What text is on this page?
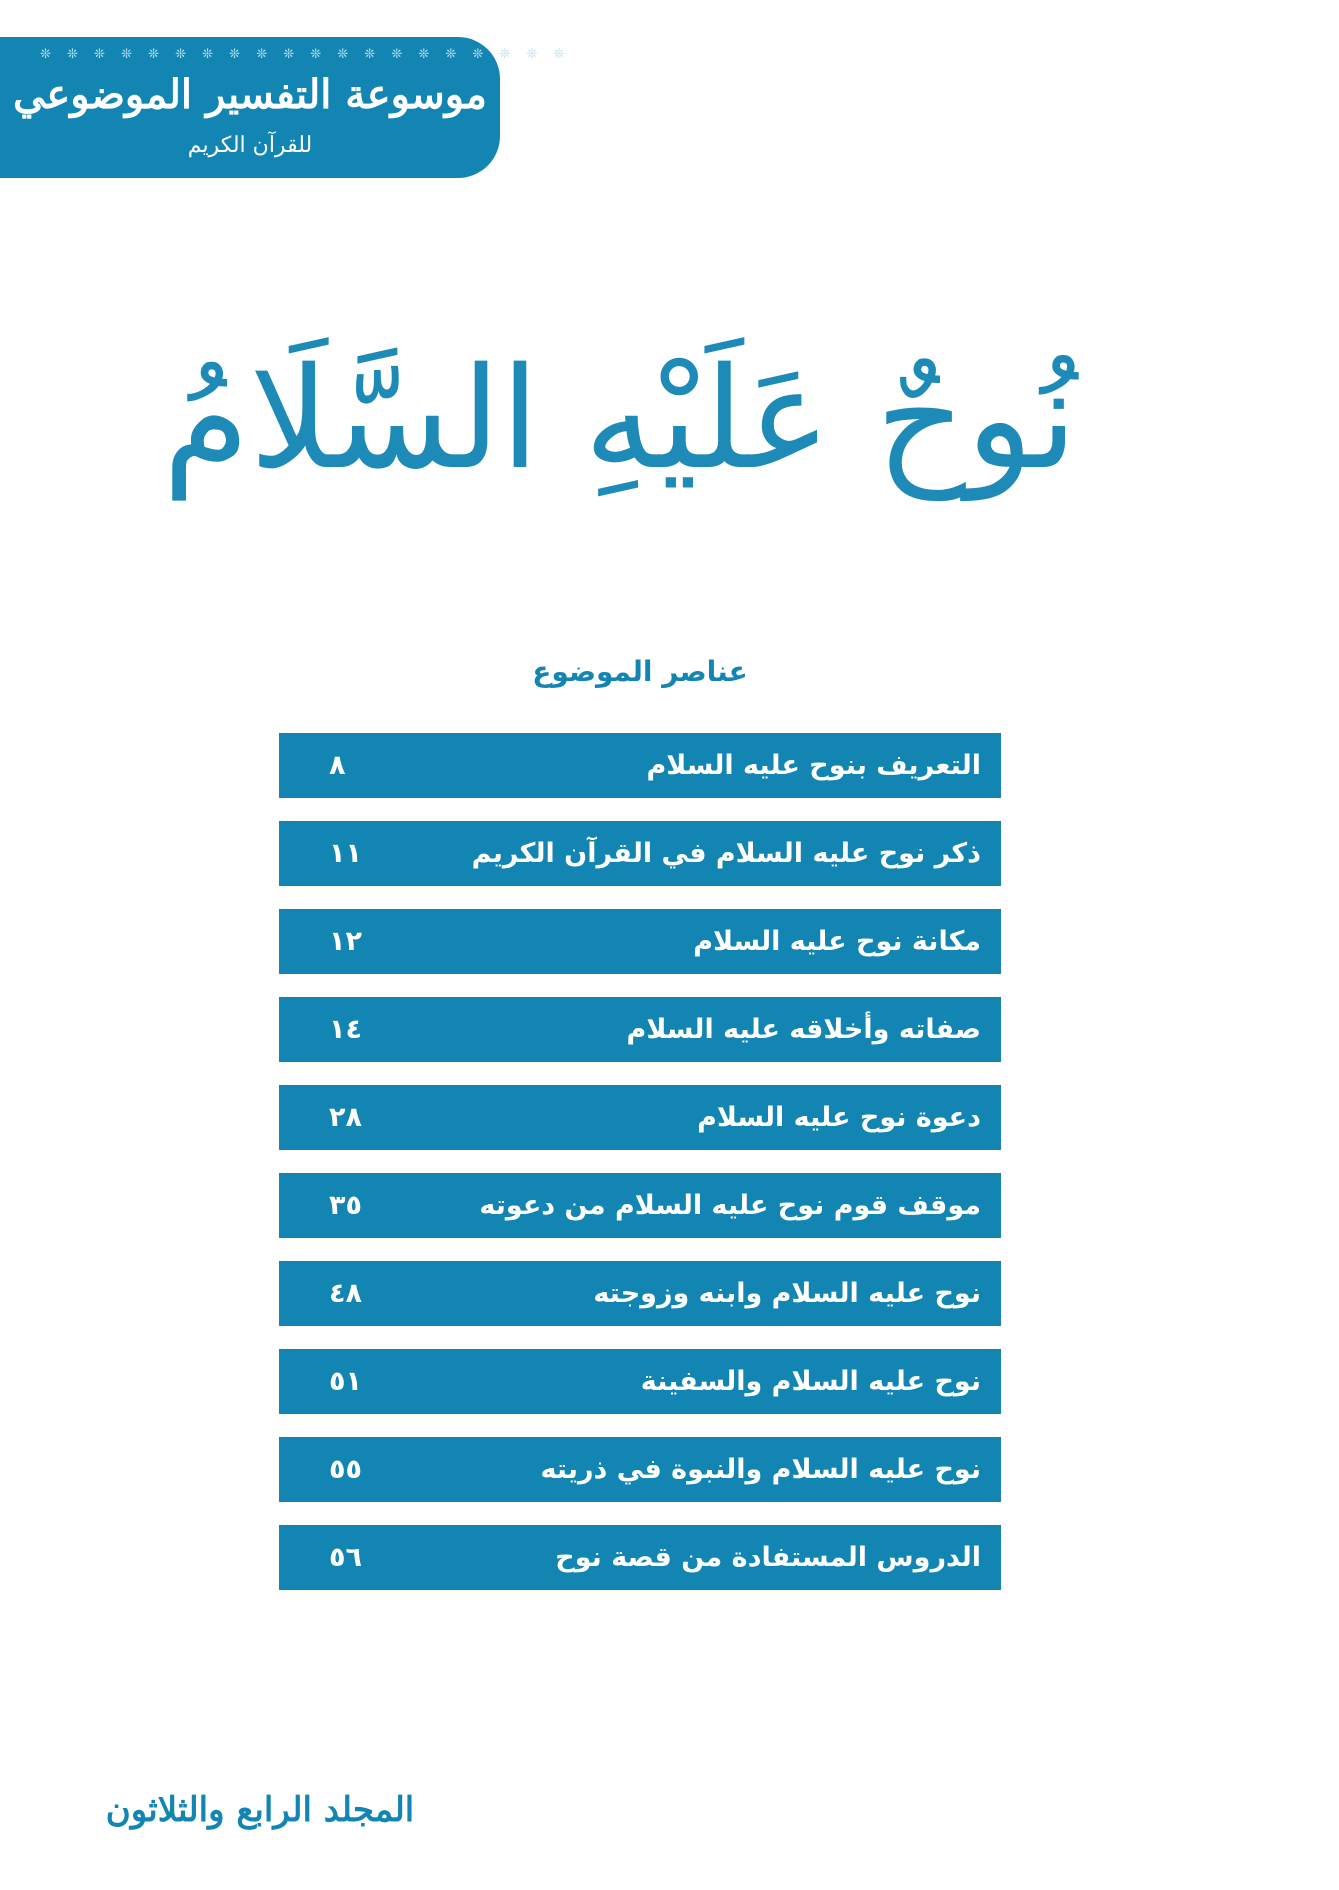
❊ ❊ ❊ ❊ ❊ ❊ ❊ ❊ ❊ ❊ ❊ ❊ ❊ ❊ ❊ ❊ ❊ ❊ ❊ ❊
موسوعة التفسير الموضوعي
للقرآن الكريم
نُوحٌ عَلَيْهِ السَّلَامُ
عناصر الموضوع
التعريف بنوح عليه السلام
٨
ذكر نوح عليه السلام في القرآن الكريم
١١
مكانة نوح عليه السلام
١٢
صفاته وأخلاقه عليه السلام
١٤
دعوة نوح عليه السلام
٢٨
موقف قوم نوح عليه السلام من دعوته
٣٥
نوح عليه السلام وابنه وزوجته
٤٨
نوح عليه السلام والسفينة
٥١
نوح عليه السلام والنبوة في ذريته
٥٥
الدروس المستفادة من قصة نوح
٥٦
المجلد الرابع والثلاثون
